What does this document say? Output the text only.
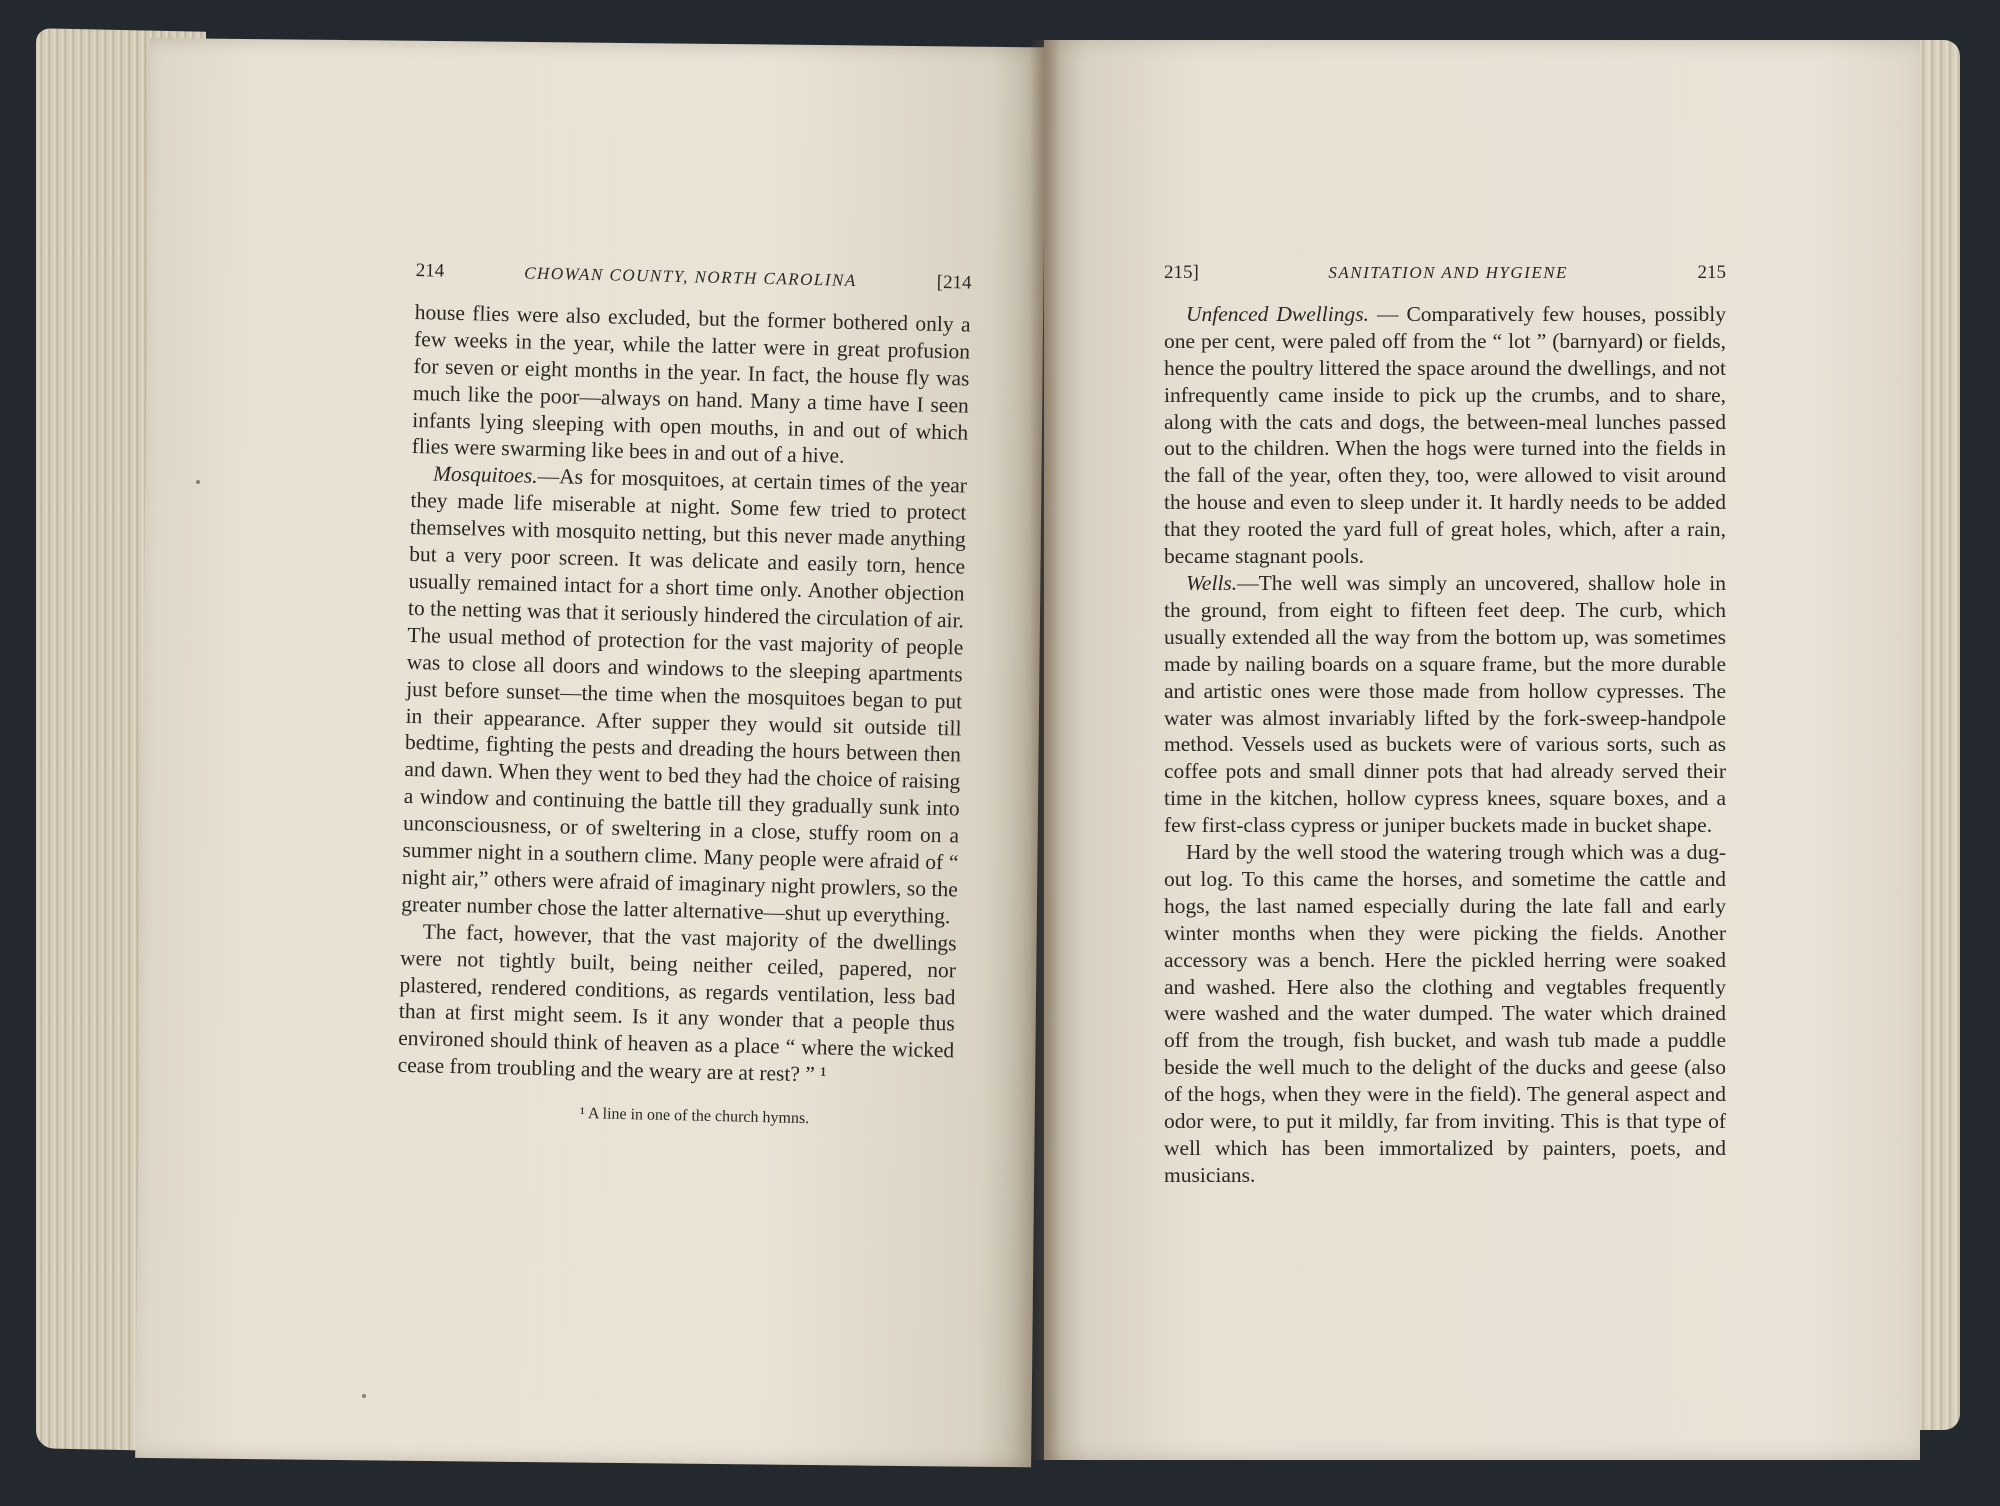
214	CHOWAN COUNTY, NORTH CAROLINA	[214

house flies were also excluded, but the former bothered only a few weeks in the year, while the latter were in great profusion for seven or eight months in the year. In fact, the house fly was much like the poor—always on hand. Many a time have I seen infants lying sleeping with open mouths, in and out of which flies were swarming like bees in and out of a hive.

Mosquitoes.—As for mosquitoes, at certain times of the year they made life miserable at night. Some few tried to protect themselves with mosquito netting, but this never made anything but a very poor screen. It was delicate and easily torn, hence usually remained intact for a short time only. Another objection to the netting was that it seriously hindered the circulation of air. The usual method of protection for the vast majority of people was to close all doors and windows to the sleeping apartments just before sunset—the time when the mosquitoes began to put in their appearance. After supper they would sit outside till bedtime, fighting the pests and dreading the hours between then and dawn. When they went to bed they had the choice of raising a window and continuing the battle till they gradually sunk into unconsciousness, or of sweltering in a close, stuffy room on a summer night in a southern clime. Many people were afraid of “ night air,” others were afraid of imaginary night prowlers, so the greater number chose the latter alternative—shut up everything.

The fact, however, that the vast majority of the dwellings were not tightly built, being neither ceiled, papered, nor plastered, rendered conditions, as regards ventilation, less bad than at first might seem. Is it any wonder that a people thus environed should think of heaven as a place “ where the wicked cease from troubling and the weary are at rest? ” ¹

¹ A line in one of the church hymns.
215]	SANITATION AND HYGIENE	215

Unfenced Dwellings. — Comparatively few houses, possibly one per cent, were paled off from the “ lot ” (barnyard) or fields, hence the poultry littered the space around the dwellings, and not infrequently came inside to pick up the crumbs, and to share, along with the cats and dogs, the between-meal lunches passed out to the children. When the hogs were turned into the fields in the fall of the year, often they, too, were allowed to visit around the house and even to sleep under it. It hardly needs to be added that they rooted the yard full of great holes, which, after a rain, became stagnant pools.

Wells.—The well was simply an uncovered, shallow hole in the ground, from eight to fifteen feet deep. The curb, which usually extended all the way from the bottom up, was sometimes made by nailing boards on a square frame, but the more durable and artistic ones were those made from hollow cypresses. The water was almost invariably lifted by the fork-sweep-handpole method. Vessels used as buckets were of various sorts, such as coffee pots and small dinner pots that had already served their time in the kitchen, hollow cypress knees, square boxes, and a few first-class cypress or juniper buckets made in bucket shape.

Hard by the well stood the watering trough which was a dug-out log. To this came the horses, and sometime the cattle and hogs, the last named especially during the late fall and early winter months when they were picking the fields. Another accessory was a bench. Here the pickled herring were soaked and washed. Here also the clothing and vegtables frequently were washed and the water dumped. The water which drained off from the trough, fish bucket, and wash tub made a puddle beside the well much to the delight of the ducks and geese (also of the hogs, when they were in the field). The general aspect and odor were, to put it mildly, far from inviting. This is that type of well which has been immortalized by painters, poets, and musicians.
